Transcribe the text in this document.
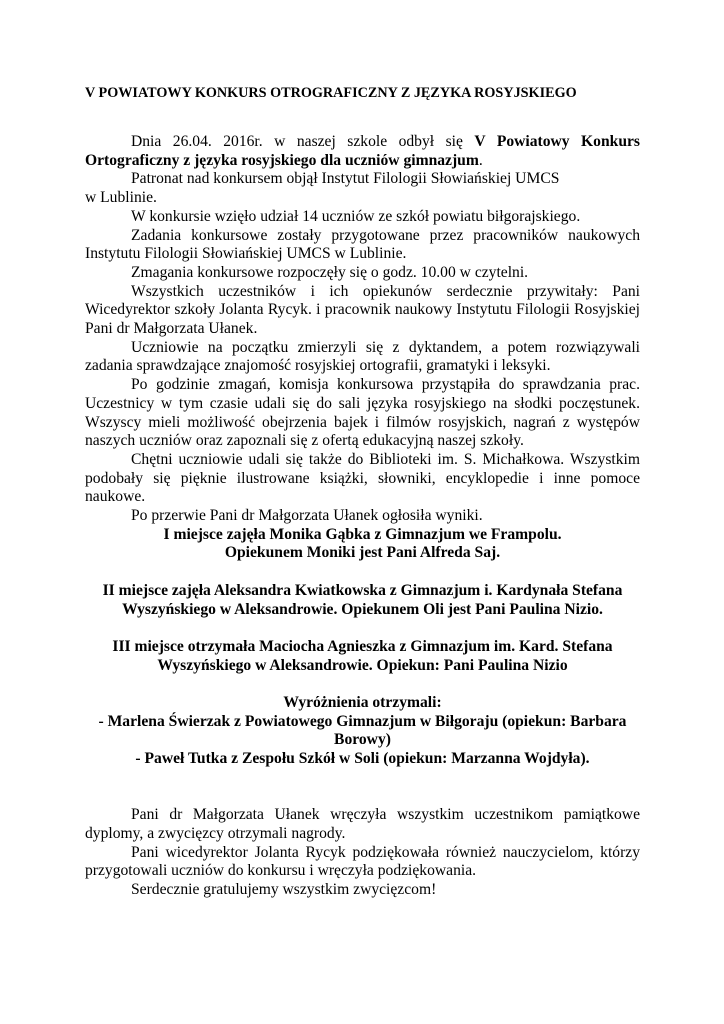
V POWIATOWY KONKURS OTROGRAFICZNY Z JĘZYKA ROSYJSKIEGO

Dnia 26.04. 2016r. w naszej szkole odbył się V Powiatowy Konkurs Ortograficzny z języka rosyjskiego dla uczniów gimnazjum.

Patronat nad konkursem objął Instytut Filologii Słowiańskiej UMCS

w Lublinie.

W konkursie wzięło udział 14 uczniów ze szkół powiatu biłgorajskiego.

Zadania konkursowe zostały przygotowane przez pracowników naukowych Instytutu Filologii Słowiańskiej UMCS w Lublinie.

Zmagania konkursowe rozpoczęły się o godz. 10.00 w czytelni.

Wszystkich uczestników i ich opiekunów serdecznie przywitały: Pani Wicedyrektor szkoły Jolanta Rycyk. i pracownik naukowy Instytutu Filologii Rosyjskiej Pani dr Małgorzata Ułanek.

Uczniowie na początku zmierzyli się z dyktandem, a potem rozwiązywali zadania sprawdzające znajomość rosyjskiej ortografii, gramatyki i leksyki.

Po godzinie zmagań, komisja konkursowa przystąpiła do sprawdzania prac. Uczestnicy w tym czasie udali się do sali języka rosyjskiego na słodki poczęstunek. Wszyscy mieli możliwość obejrzenia bajek i filmów rosyjskich, nagrań z występów naszych uczniów oraz zapoznali się z ofertą edukacyjną naszej szkoły.

Chętni uczniowie udali się także do Biblioteki im. S. Michałkowa. Wszystkim podobały się pięknie ilustrowane książki, słowniki, encyklopedie i inne pomoce naukowe.

Po przerwie Pani dr Małgorzata Ułanek ogłosiła wyniki.

I miejsce zajęła Monika Gąbka z Gimnazjum we Frampolu.

Opiekunem Moniki jest Pani Alfreda Saj.

II miejsce zajęła Aleksandra Kwiatkowska z Gimnazjum i. Kardynała Stefana

Wyszyńskiego w Aleksandrowie. Opiekunem Oli jest Pani Paulina Nizio.

III miejsce otrzymała Maciocha Agnieszka z Gimnazjum im. Kard. Stefana

Wyszyńskiego w Aleksandrowie. Opiekun: Pani Paulina Nizio

Wyróżnienia otrzymali:

- Marlena Świerzak z Powiatowego Gimnazjum w Biłgoraju (opiekun: Barbara

Borowy)

- Paweł Tutka z Zespołu Szkół w Soli (opiekun: Marzanna Wojdyła).

Pani dr Małgorzata Ułanek wręczyła wszystkim uczestnikom pamiątkowe dyplomy, a zwycięzcy otrzymali nagrody.

Pani wicedyrektor Jolanta Rycyk podziękowała również nauczycielom, którzy przygotowali uczniów do konkursu i wręczyła podziękowania.

Serdecznie gratulujemy wszystkim zwycięzcom!
